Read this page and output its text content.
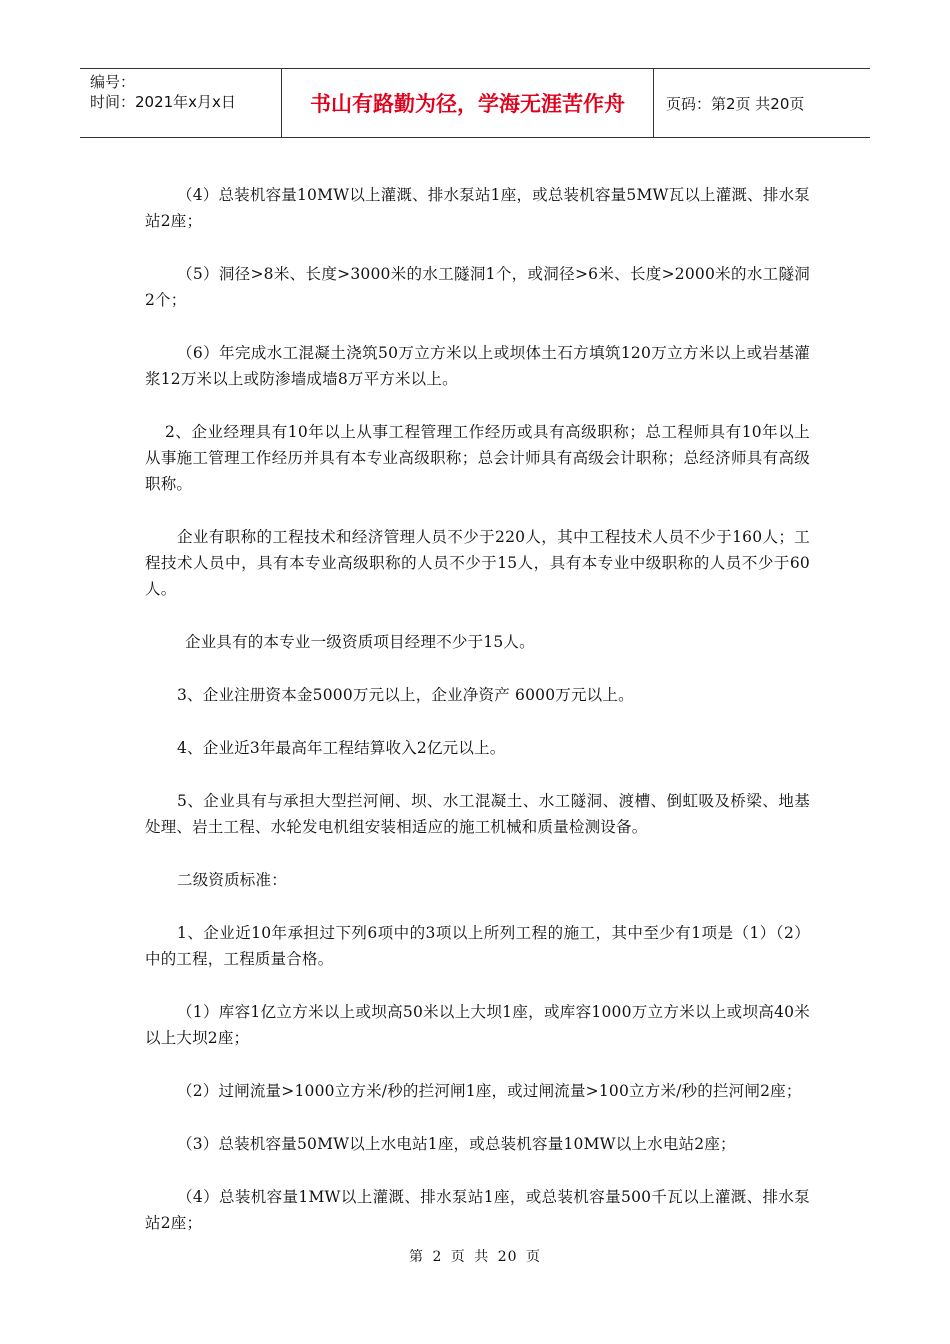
编号：
时间：2021年x月x日	书山有路勤为径，学海无涯苦作舟	页码：第2页 共20页

（4）总装机容量10MW以上灌溉、排水泵站1座，或总装机容量5MW瓦以上灌溉、排水泵站2座；

（5）洞径>8米、长度>3000米的水工隧洞1个，或洞径>6米、长度>2000米的水工隧洞2个；

（6）年完成水工混凝土浇筑50万立方米以上或坝体土石方填筑120万立方米以上或岩基灌浆12万米以上或防渗墙成墙8万平方米以上。

2、企业经理具有10年以上从事工程管理工作经历或具有高级职称；总工程师具有10年以上从事施工管理工作经历并具有本专业高级职称；总会计师具有高级会计职称；总经济师具有高级职称。

企业有职称的工程技术和经济管理人员不少于220人，其中工程技术人员不少于160人；工程技术人员中，具有本专业高级职称的人员不少于15人，具有本专业中级职称的人员不少于60人。

企业具有的本专业一级资质项目经理不少于15人。

3、企业注册资本金5000万元以上，企业净资产 6000万元以上。

4、企业近3年最高年工程结算收入2亿元以上。

5、企业具有与承担大型拦河闸、坝、水工混凝土、水工隧洞、渡槽、倒虹吸及桥梁、地基处理、岩土工程、水轮发电机组安装相适应的施工机械和质量检测设备。

二级资质标准：

1、企业近10年承担过下列6项中的3项以上所列工程的施工，其中至少有1项是（1）（2）中的工程，工程质量合格。

（1）库容1亿立方米以上或坝高50米以上大坝1座，或库容1000万立方米以上或坝高40米以上大坝2座；

（2）过闸流量>1000立方米/秒的拦河闸1座，或过闸流量>100立方米/秒的拦河闸2座；

（3）总装机容量50MW以上水电站1座，或总装机容量10MW以上水电站2座；

（4）总装机容量1MW以上灌溉、排水泵站1座，或总装机容量500千瓦以上灌溉、排水泵站2座；

第 2 页 共 20 页
